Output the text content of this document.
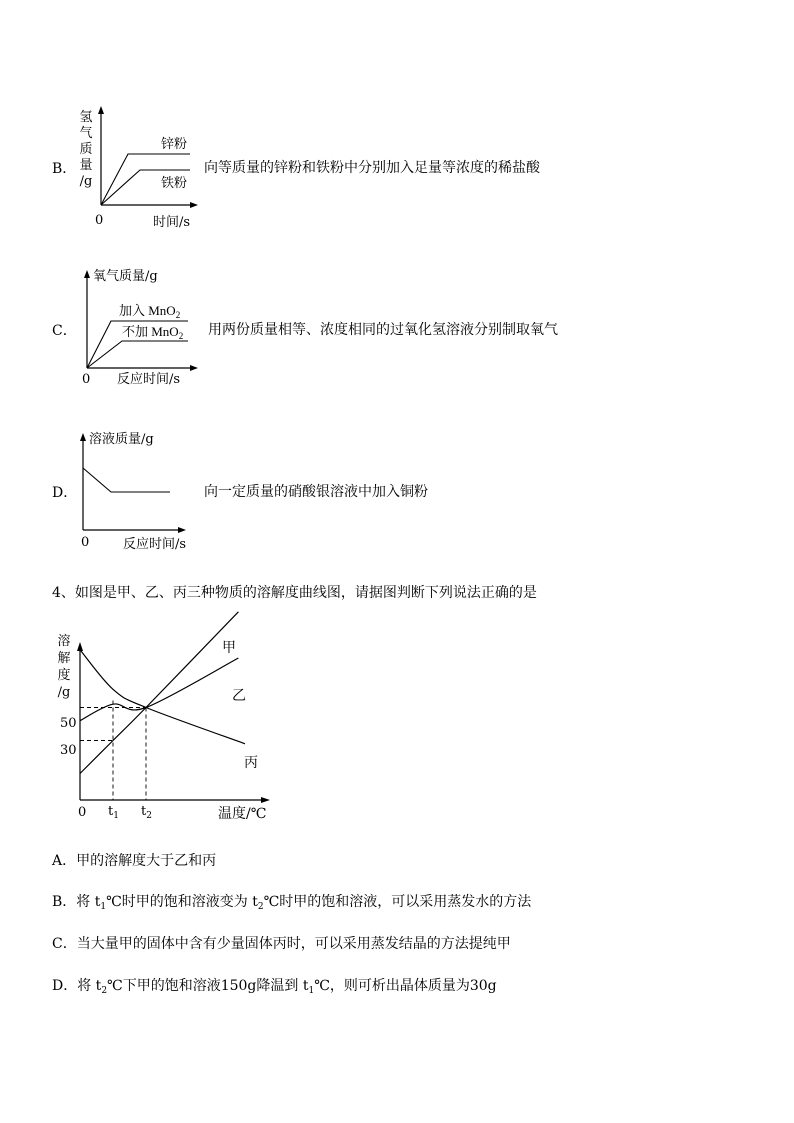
B．
氢
气
质
量
/g
锌粉
铁粉
0	时间/s
向等质量的锌粉和铁粉中分别加入足量等浓度的稀盐酸
C．
氧气质量/g
加入 MnO$_2$
不加 MnO$_2$
0 反应时间/s
用两份质量相等、浓度相同的过氧化氢溶液分别制取氧气
D．
溶液质量/g
0	反应时间/s
向一定质量的硝酸银溶液中加入铜粉
4、如图是甲、乙、丙三种物质的溶解度曲线图，请据图判断下列说法正确的是
溶
解
度
/g
0
50
30
$t_1$ $t_2$	温度/℃
甲
乙
丙
A．甲的溶解度大于乙和丙
B．将 $t_1℃$时甲的饱和溶液变为 $t_2℃$时甲的饱和溶液，可以采用蒸发水的方法
C．当大量甲的固体中含有少量固体丙时，可以采用蒸发结晶的方法提纯甲
D．将 $t_2℃$下甲的饱和溶液150g降温到 $t_1℃$，则可析出晶体质量为30g
